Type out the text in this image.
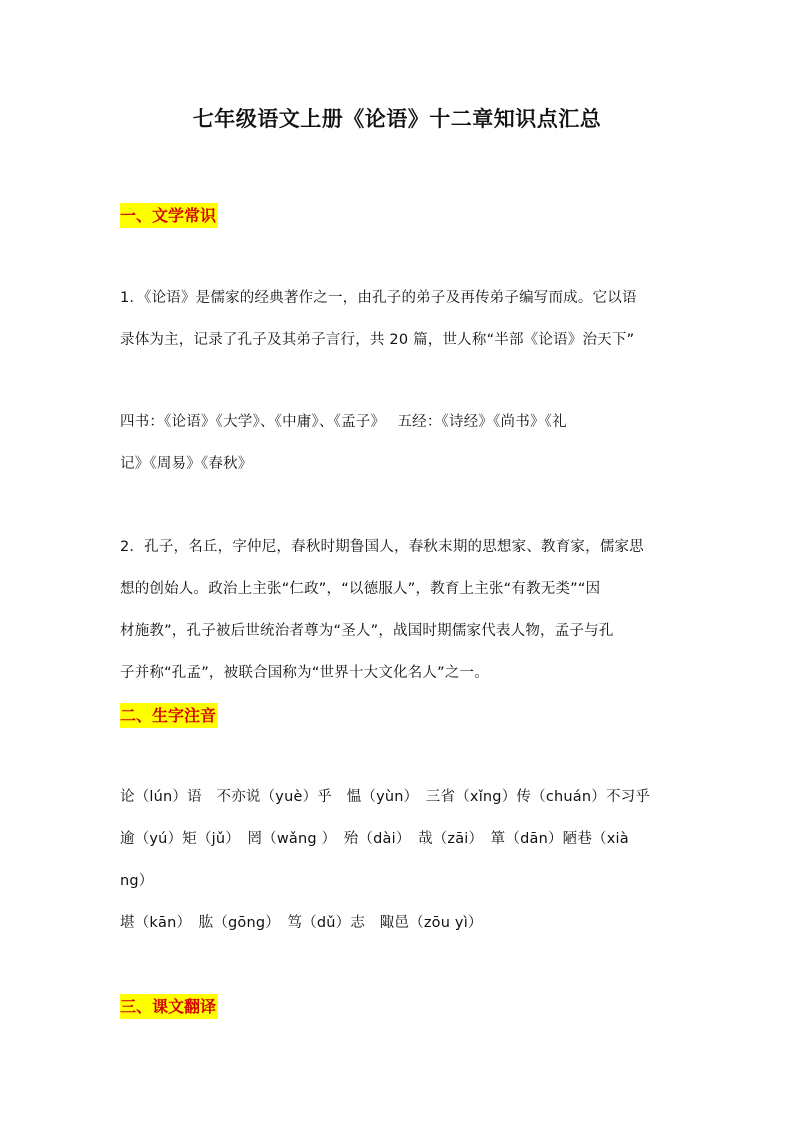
七年级语文上册《论语》十二章知识点汇总
一、文学常识
1．《论语》是儒家的经典著作之一，由孔子的弟子及再传弟子编写而成。它以语
录体为主，记录了孔子及其弟子言行，共 20 篇，世人称“半部《论语》治天下”
四书：《论语》《大学》、《中庸》、《孟子》　 五经：《诗经》《尚书》《礼
记》《周易》《春秋》
2．孔子，名丘，字仲尼，春秋时期鲁国人，春秋末期的思想家、教育家，儒家思
想的创始人。政治上主张“仁政”，“以德服人”，教育上主张“有教无类”“因
材施教”，孔子被后世统治者尊为“圣人”，战国时期儒家代表人物，孟子与孔
子并称“孔孟”，被联合国称为“世界十大文化名人”之一。
二、生字注音
论（lún）语　不亦说（yuè）乎　愠（yùn）　三省（xǐng）传（chuán）不习乎
逾（yú）矩（jǔ）　罔（wǎng ）　殆（dài）　哉（zāi）　箪（dān）陋巷（xià
ng）
堪（kān）　肱（gōng）　笃（dǔ）志　陬邑（zōu yì）
三、课文翻译
